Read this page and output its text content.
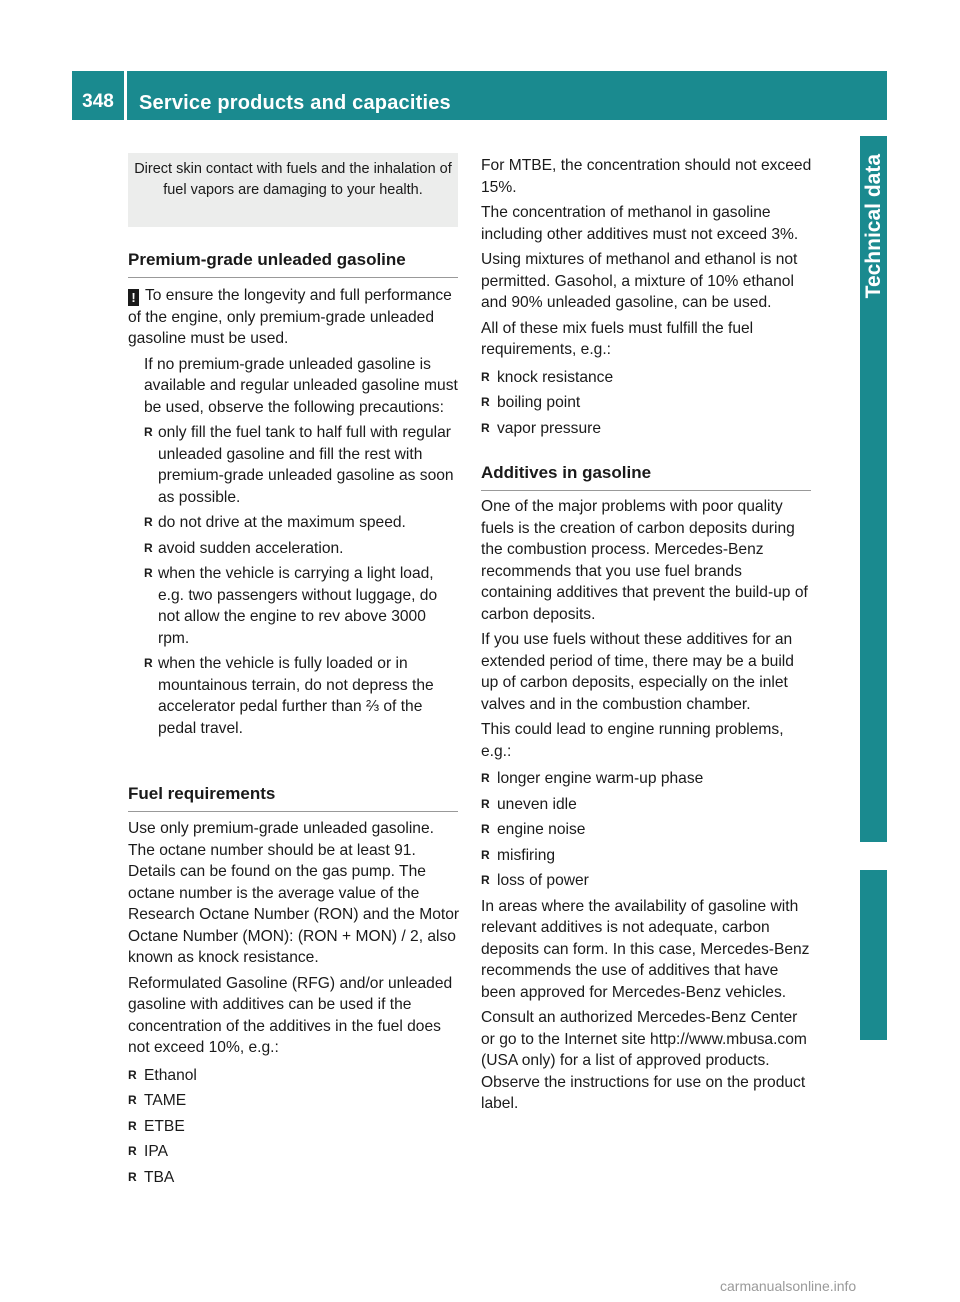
348	Service products and capacities
Technical data
Direct skin contact with fuels and the inhalation of fuel vapors are damaging to your health.
Premium-grade unleaded gasoline

! To ensure the longevity and full performance of the engine, only premium-grade unleaded gasoline must be used.

If no premium-grade unleaded gasoline is available and regular unleaded gasoline must be used, observe the following precautions:

R only fill the fuel tank to half full with regular unleaded gasoline and fill the rest with premium-grade unleaded gasoline as soon as possible.
R do not drive at the maximum speed.
R avoid sudden acceleration.
R when the vehicle is carrying a light load, e.g. two passengers without luggage, do not allow the engine to rev above 3000 rpm.
R when the vehicle is fully loaded or in mountainous terrain, do not depress the accelerator pedal further than ⅔ of the pedal travel.
Fuel requirements

Use only premium-grade unleaded gasoline. The octane number should be at least 91. Details can be found on the gas pump. The octane number is the average value of the Research Octane Number (RON) and the Motor Octane Number (MON): (RON + MON) / 2, also known as knock resistance.

Reformulated Gasoline (RFG) and/or unleaded gasoline with additives can be used if the concentration of the additives in the fuel does not exceed 10%, e.g.:

R Ethanol
R TAME
R ETBE
R IPA
R TBA

For MTBE, the concentration should not exceed 15%.

The concentration of methanol in gasoline including other additives must not exceed 3%.

Using mixtures of methanol and ethanol is not permitted. Gasohol, a mixture of 10% ethanol and 90% unleaded gasoline, can be used.

All of these mix fuels must fulfill the fuel requirements, e.g.:

R knock resistance
R boiling point
R vapor pressure
Additives in gasoline

One of the major problems with poor quality fuels is the creation of carbon deposits during the combustion process. Mercedes-Benz recommends that you use fuel brands containing additives that prevent the build-up of carbon deposits.

If you use fuels without these additives for an extended period of time, there may be a build up of carbon deposits, especially on the inlet valves and in the combustion chamber.

This could lead to engine running problems, e.g.:

R longer engine warm-up phase
R uneven idle
R engine noise
R misfiring
R loss of power

In areas where the availability of gasoline with relevant additives is not adequate, carbon deposits can form. In this case, Mercedes-Benz recommends the use of additives that have been approved for Mercedes-Benz vehicles.

Consult an authorized Mercedes-Benz Center or go to the Internet site http://www.mbusa.com (USA only) for a list of approved products. Observe the instructions for use on the product label.

carmanualsonline.info
